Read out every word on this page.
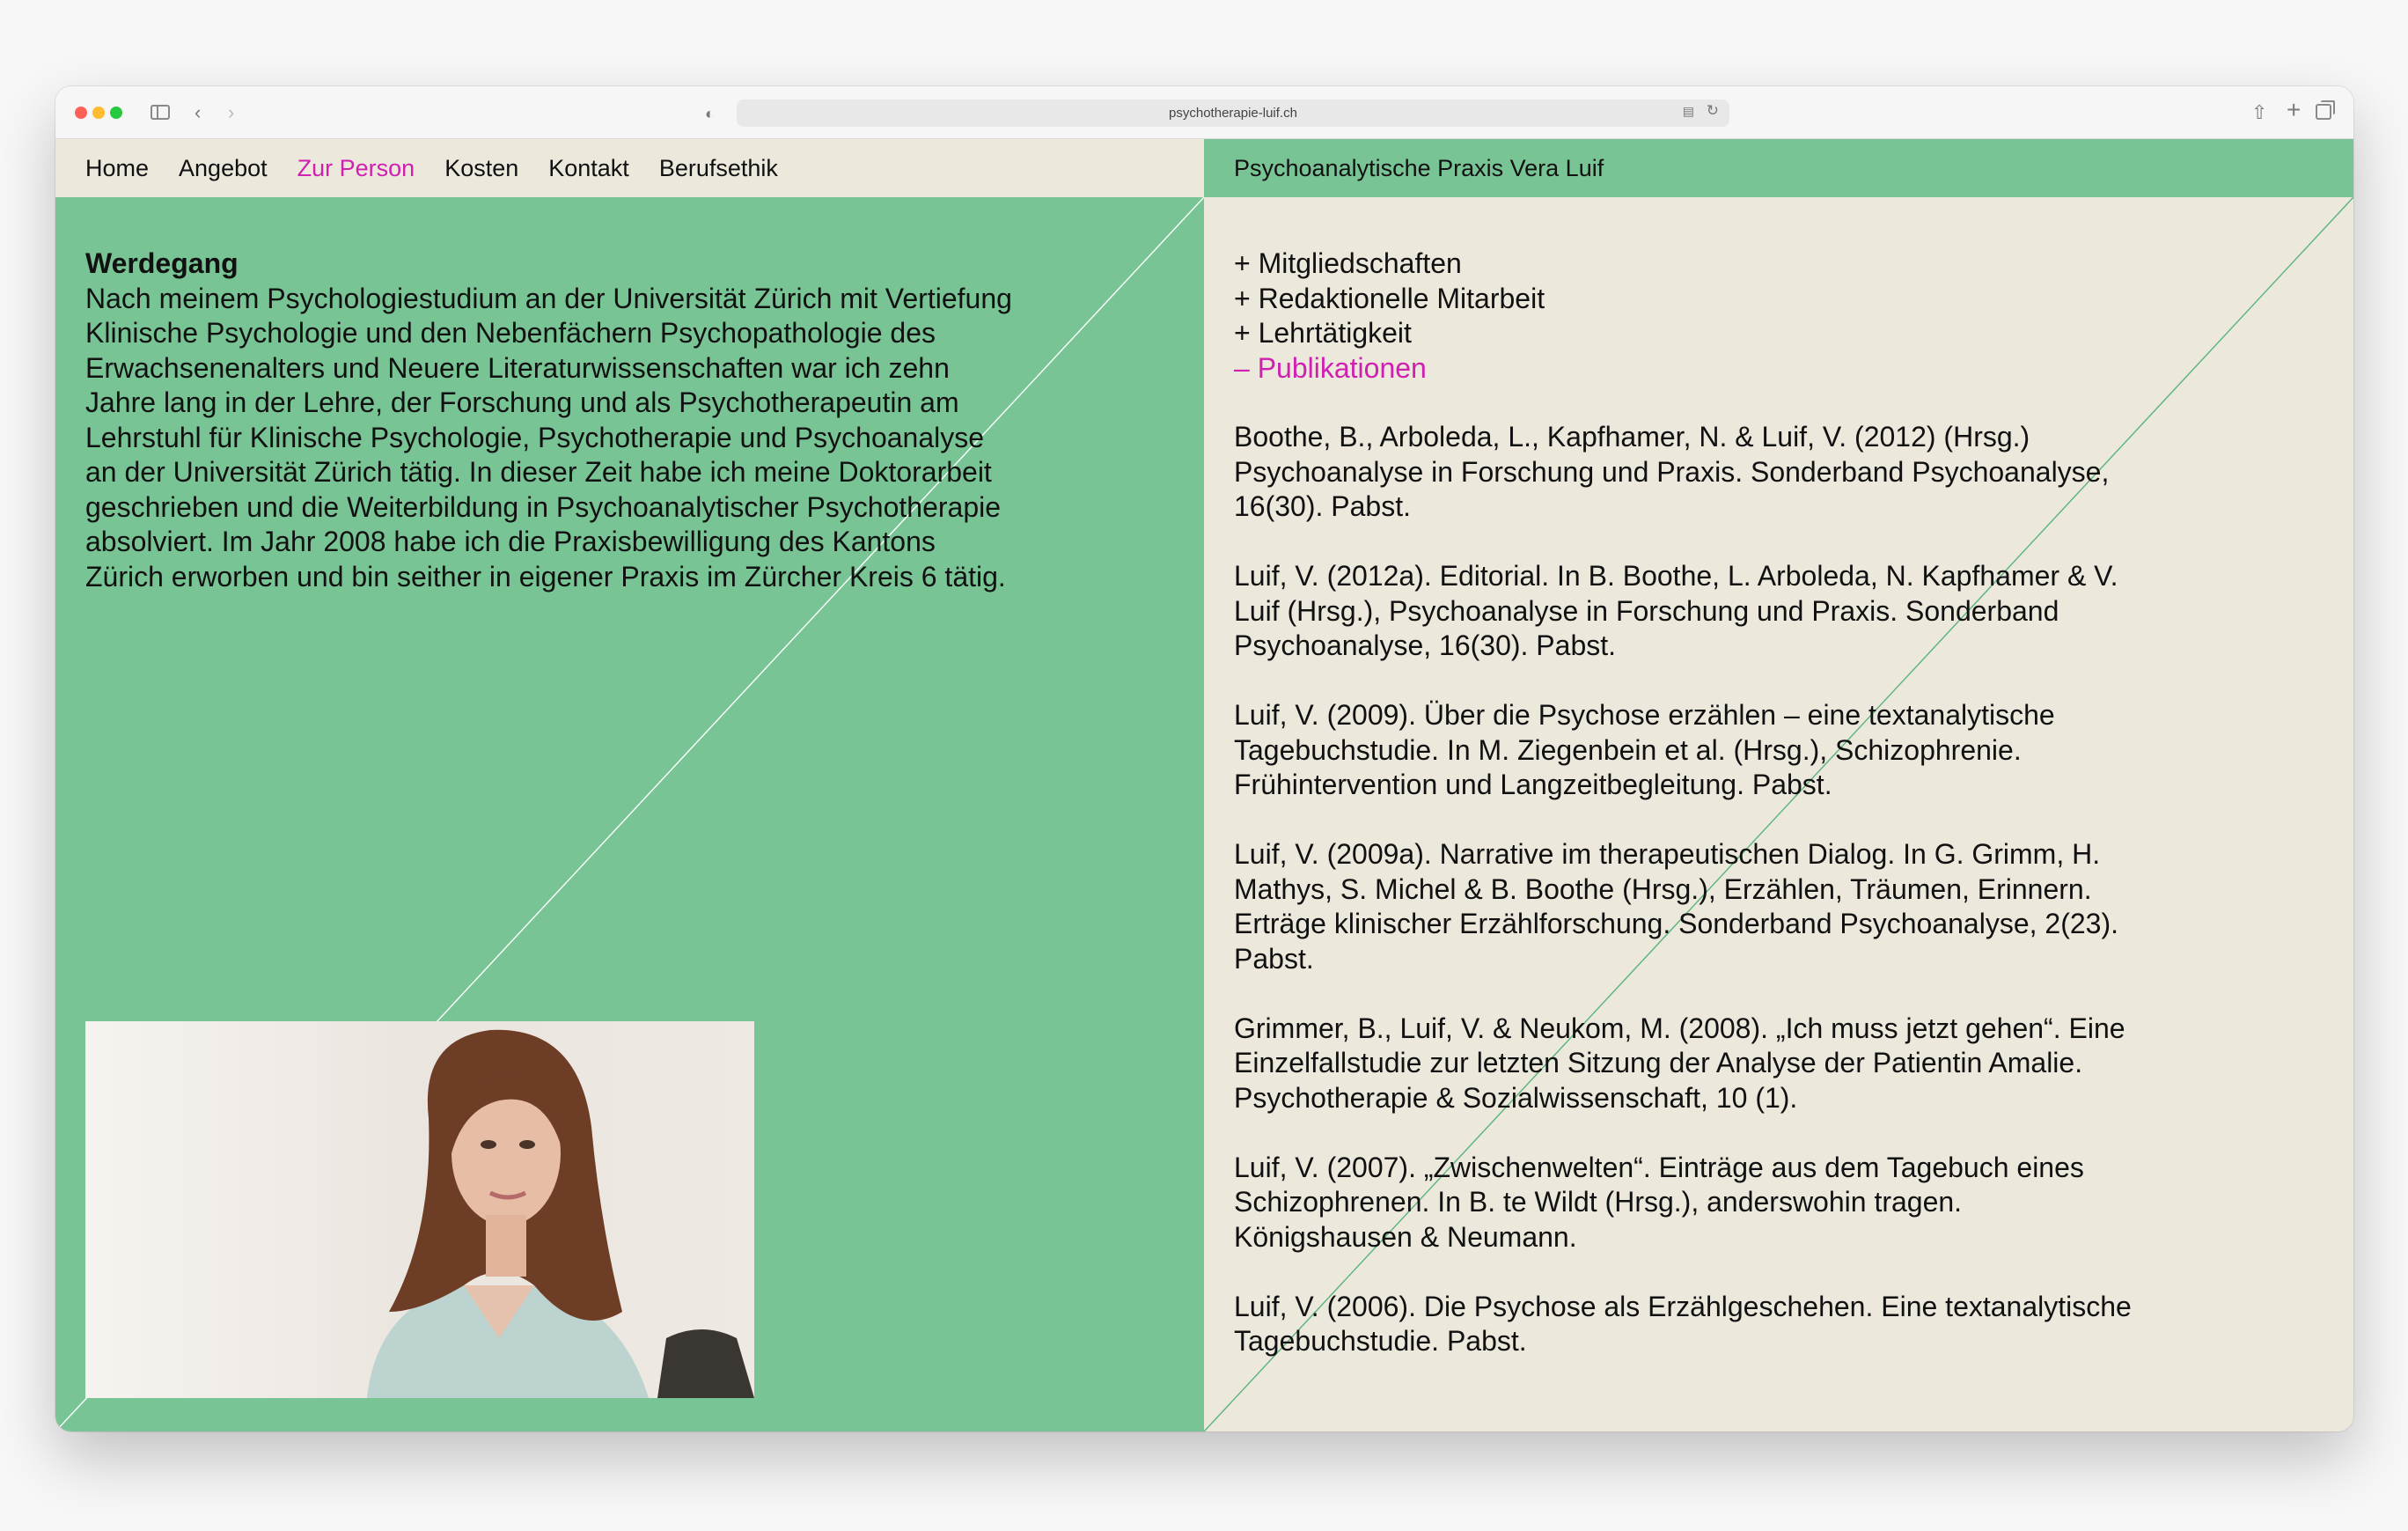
‹ ›	◐	psychotherapie-luif.ch	▤ ↻	⇧ +
Home Angebot Zur Person Kosten Kontakt Berufsethik	Psychoanalytische Praxis Vera Luif
Werdegang

Nach meinem Psychologiestudium an der Universität Zürich mit Vertiefung Klinische Psychologie und den Nebenfächern Psychopathologie des Erwachsenenalters und Neuere Literaturwissenschaften war ich zehn Jahre lang in der Lehre, der Forschung und als Psychotherapeutin am Lehrstuhl für Klinische Psychologie, Psychotherapie und Psychoanalyse an der Universität Zürich tätig. In dieser Zeit habe ich meine Doktorarbeit geschrieben und die Weiterbildung in Psychoanalytischer Psychotherapie absolviert. Im Jahr 2008 habe ich die Praxisbewilligung des Kantons Zürich erworben und bin seither in eigener Praxis im Zürcher Kreis 6 tätig.

+ Mitgliedschaften
+ Redaktionelle Mitarbeit
+ Lehrtätigkeit
– Publikationen

Boothe, B., Arboleda, L., Kapfhamer, N. & Luif, V. (2012) (Hrsg.) Psychoanalyse in Forschung und Praxis. Sonderband Psychoanalyse, 16(30). Pabst.

Luif, V. (2012a). Editorial. In B. Boothe, L. Arboleda, N. Kapfhamer & V. Luif (Hrsg.), Psychoanalyse in Forschung und Praxis. Sonderband Psychoanalyse, 16(30). Pabst.

Luif, V. (2009). Über die Psychose erzählen – eine textanalytische Tagebuchstudie. In M. Ziegenbein et al. (Hrsg.), Schizophrenie. Frühintervention und Langzeitbegleitung. Pabst.

Luif, V. (2009a). Narrative im therapeutischen Dialog. In G. Grimm, H. Mathys, S. Michel & B. Boothe (Hrsg.), Erzählen, Träumen, Erinnern. Erträge klinischer Erzählforschung. Sonderband Psychoanalyse, 2(23). Pabst.

Grimmer, B., Luif, V. & Neukom, M. (2008). „Ich muss jetzt gehen“. Eine Einzelfallstudie zur letzten Sitzung der Analyse der Patientin Amalie. Psychotherapie & Sozialwissenschaft, 10 (1).

Luif, V. (2007). „Zwischenwelten“. Einträge aus dem Tagebuch eines Schizophrenen. In B. te Wildt (Hrsg.), anderswohin tragen. Königshausen & Neumann.

Luif, V. (2006). Die Psychose als Erzählgeschehen. Eine textanalytische Tagebuchstudie. Pabst.
